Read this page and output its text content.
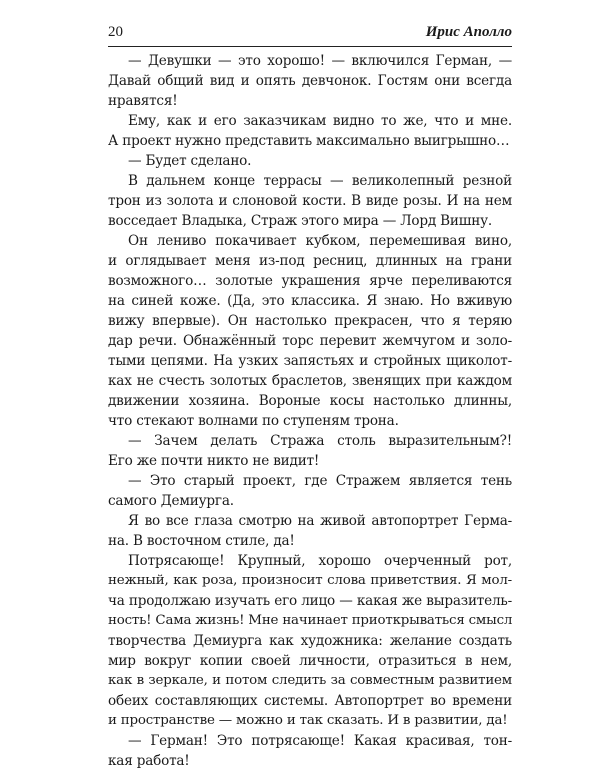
20	Ирис Аполло
— Девушки — это хорошо! — включился Герман, —
Давай общий вид и опять девчонок. Гостям они всегда
нравятся!
Ему, как и его заказчикам видно то же, что и мне.
А проект нужно представить максимально выигрышно…
— Будет сделано.
В дальнем конце террасы — великолепный резной
трон из золота и слоновой кости. В виде розы. И на нем
восседает Владыка, Страж этого мира — Лорд Вишну.
Он лениво покачивает кубком, перемешивая вино,
и оглядывает меня из-под ресниц, длинных на грани
возможного… золотые украшения ярче переливаются
на синей коже. (Да, это классика. Я знаю. Но вживую
вижу впервые). Он настолько прекрасен, что я теряю
дар речи. Обнажённый торс перевит жемчугом и золо-
тыми цепями. На узких запястьях и стройных щиколот-
ках не счесть золотых браслетов, звенящих при каждом
движении хозяина. Вороные косы настолько длинны,
что стекают волнами по ступеням трона.
— Зачем делать Стража столь выразительным?!
Его же почти никто не видит!
— Это старый проект, где Стражем является тень
самого Демиурга.
Я во все глаза смотрю на живой автопортрет Герма-
на. В восточном стиле, да!
Потрясающе! Крупный, хорошо очерченный рот,
нежный, как роза, произносит слова приветствия. Я мол-
ча продолжаю изучать его лицо — какая же выразитель-
ность! Сама жизнь! Мне начинает приоткрываться смысл
творчества Демиурга как художника: желание создать
мир вокруг копии своей личности, отразиться в нем,
как в зеркале, и потом следить за совместным развитием
обеих составляющих системы. Автопортрет во времени
и пространстве — можно и так сказать. И в развитии, да!
— Герман! Это потрясающе! Какая красивая, тон-
кая работа!
